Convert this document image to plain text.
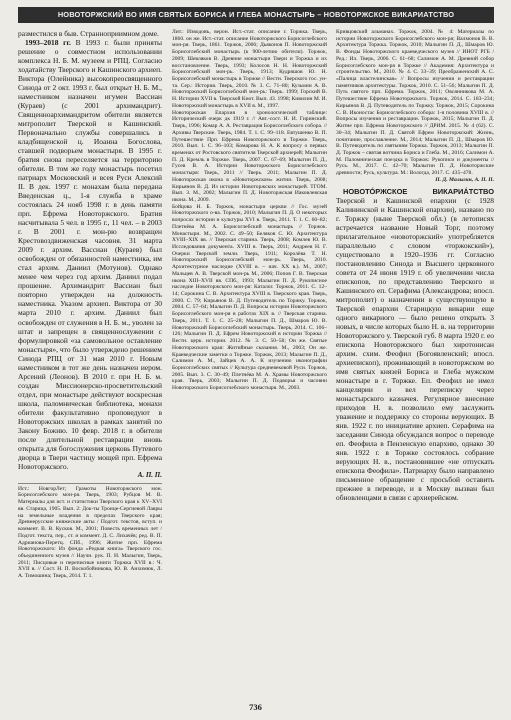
НОВОТОРЖСКИЙ ВО ИМЯ СВЯТЫХ БОРИСА И ГЛЕБА МОНАСТЫРЬ – НОВОТОРЖСКОЕ ВИКАРИАТСТВО

разместился в быв. Странноприимном доме.

1993–2018 гг. В 1993 г. были приняты решение о совместном использовании комплекса Н. Б. М. музеем и РПЦ. Согласно ходатайству Тверского и Кашинского архиеп. Виктора (Олейника) высокопреосвященного Синода от 2 окт. 1993 г. был открыт Н. Б. М., наместником назначен игумен Вассиан (Кураев) (с 2001 архимандрит). Священноархимандритом обители является митрополит Тверской и Кашинский. Первоначально службы совершались в кладбищенской ц. Иоанна Богослова, ставшей подворьем монастыря. В 1995 г. братия снова переселяется на территорию обители. В том же году монастырь посетил патриарх Московский и всея Руси Алексий II. В дек. 1997 г. монахам была передана Введенская ц., 1-я служба в храме состоялась 24 нояб 1998 г. в день памяти прп. Ефрема Новоторжского. Братия насчитывала 5 чел. в 1995 г., 11 чел. – в 2003 г. В 2001 г. мон-рю возвращен Крестовоздвиженская часовня. 31 марта 2009 г. архим. Вассиан (Кураев) был освобожден от обязанностей наместника, им стал архим. Даниил (Мотунов). Однако менее чем через год архим. Даниил подал прошение. Архимандрит Вассиан был повторно утвержден на должность наместника. Указом архиеп. Виктора от 30 марта 2010 г. архим. Даниил был освобожден от служения в Н. Б. м., уволен за штат и запрещен в священнослужении с формулировкой «за самовольное оставление монастыря», что было утверждено решением Синода РПЦ от 31 мая 2010 г. Новым наместником в тот же день назначен иером. Арсений (Леонов). В 2010 г. при Н. Б. м. создан Миссионерско-просветительский отдел, при монастыре действуют воскресная школа, паломническая библиотека, монахи обители факультативно проповедуют в Новоторжских школах в рамках занятий по Закону Божию. 10 февр. 2018 г. в обители после длительной реставрации вновь открыта для богослужения церковь Путевого дворца в Твери частицу мощей прп. Ефрема Новоторжского.

А. П. П.

Ист.: НовгорЛет; Грамоты Новоторжского мон. Борисоглебского мон-ря. Тверь, 1903; Рубцов М. В. Материалы для ист. и статистики Тверского края к XV–XVI вв. Старица, 1905. Вып. 2: Док-ты Троице-Сергиевой Лавры на земельные владения в пределах Тверского края; Древнерусские княжеские акты / Подгот. текстов, вступ. и коммент. В. В. Кусков. М., 2001; Повесть временных лет / Подгот. текста, пер., ст. и коммент. Д. С. Лихачёв; ред. В. П. Адрианова-Перетц. СПб., 1996; Житие прп. Ефрема Новоторжского: Из фонда «Редкая книга» Тверского гос. объединенного музея // Научн. рук. П. И. Малыгин, Тверь, 2011; Писцовые и переписные книги Торжка XVII в.: Ч. XVII в. // Сост. Н. П. Воскобойникова, Ю. В. Анхимюк, Л. А. Тимошина; Тверь, 2014. Т. 1.

Лит.: Изводовъ, верон. Ист.-стат. описание г. Торжка. Тверь, 1860. он же. Ист.-стат. описание Новоторжского Борисоглебского мон-ря. Тверь, 1861. Торжок, 2006; Дьяконов П. Новоторжский Борисоглебский монастырь (к 900-летию обители). Торжок, 2009; Шевляков В. Древние монастыри Твери и Торжка и их восстановление. Тверь, 1993; Колосов Н. Н. Новоторжский Борисоглебский мон-рь. Тверь, 1913; Кудряшов Ю. Н. Борисоглебский монастырь в Торжке // Вестн. Тверского гос. ун-та. Сер.: История. Тверь, 2010. № 3. С. 71–80; Кузьмин А. В. Новоторжский Борисоглебский мон-рь: Тверь. 1999; Горский В. Н. Истории XVII в. Тверской Кнот. Вып. 43. 1998; Кивилин М. И. Новоторжский монастырь в XVII в. М., 1997.

Новоторжская Епархия в хронологической таблице: Исторический очерк дк 1919 г. // Авт.-сост. Н. И. Гиринский. Тверь, 1996; Комар А. А. Реставрация Борисоглебского собора. // Архивы Тверские. Тверь, 1984. Т. 1. С. 99–118. Евтушенко В. П. Путешествие Прп. Ефрема Новоторжского в Торжке. Тверь, 2010. Вып. 1. С. 96–103; Комарова Н. А. К вопросу о первых временах от Ростовского святителя Тверской архиерей; Малыгин П. Д. Кремль в Торжке. Тверь, 2007. С. 67–69; Малыгин П. Д., Гусев В. А. Истории Новоторжского Борисоглебского монастыря: Тверь, 2011 // Тверь. 2011; Малыгин П. Д. Новоторжская икона в «Новоторжском» житии. Тверь, 2008; Кирьянов В. Д. Из истории Новоторжских монастырей. ТГОМ. Вып. 3. М., 2002; Малыгин П. Д. Новоторжская Иаковлевская икона. М., 2009.

Бойцова Н. Б. Торжок, монастыри церкви // Гос. музей Новоторжского о-ва. Торжок, 2010; Малыгин П. Д. О некоторых вопросах истории и культуры XVI в. Тверь, 2011. Т. 1. С. 60–82; Плетнёва М. А. Борисоглебский монастырь // Торжок. Монастыри. М., 2002. С. 49–50; Беляков С. Ю. Архитектура XVIII–XIX вв. // Тверская старина. Тверь, 2008; Комлев Ю. В. Исследования документа. XVIII в. Тверь, 2011; Андреев Н. Г. Очерки Тверской земли. Тверь, 1911; Королёва Т. Н. Новоторжский Борисоглебский мон-рь. Тверь, 2010. Архитектурное наследие (XVIII в. – нач. XX в.). М., 2007; Мальцев А. В. Тверской мон-рь М., 2006; Попов Г. В. Тверская икона XIII–XVII вв. СПб., 1993; Малыгин П. Д. Рукописное наследие Новоторжского мон-ря: Каталог. Торжок, 2011. С. 12–14; Сорокина С. В. Архитектура XVIII в. Тверского края. Тверь, 2000. С. 79; Кирьянов В. Д. Путеводитель по Торжку. Торжок, 2004. С. 57–64; Малыгин П. Д. Вопросы истории Новоторжского Борисоглебского мон-ря в работах XIX в. // Тверская старина. Тверь, 2011. Т. 1. С. 25–28; Малыгин П. Д., Шмаров Ю. В. Новоторжский Борисоглебский монастырь. Тверь, 2014. С. 106–126; Малыгин П. Д. Ефрем Новоторжский в истории Торжка // Вестн. церк. истории. 2012. № 3. С. 50–58; Он же. Святые Новоторжского края: Житийные сказания. М., 2003; Он же. Краеведческие заметки о Торжке. Торжок, 2013; Малыгин П. Д., Салимон А. М., Зайцев А. А. К изучению иконографии Борисоглебских святых // Культура средневековой Руси. Торжок, 2005. Вып. 3. С. 30–49; Плетнёва М. А. Храмы Новоторжского края. Тверь, 2003; Малыгин П. Д. Подворья и часовни Новоторжского Борисоглебского монастыря. М., 2003.

Кривцовский альманах. Торжок, 2004. № 4: Материалы по истории Новоторжского Борисоглебского мон-ря; Валмонов В. В. Архитектура Торжка. Торжок, 2010; Малыгин П. Д., Шмаров Ю. В. Фонды Новоторжского краеведческого музея // ИНОТ РГБ / Ред.: Ил. Тверь, 2006. С. 61–68; Салимон А. М. Древний собор Борисоглебского мон-ря в Торжке // Академия: Архитектура и строительство. М., 2010. № 4. С. 33–39; Преображенский А. С. «Палица властелинская» // Вопросы изучения и реставрации памятников архитектуры. Торжок, 2010. С. 51–56; Малыгин П. Д. Путь святого прп. Ефрема. Торжок, 2011; Овсянникова М. А. Путешествие Ефрема Новоторжского. Торжок, 2014. С. 183–234; Кирьянов В. Д. Путеводитель по Торжку. Торжок, 2015; Сорокина С. В. Иконостас Борисоглебского собора: 1-я половина XVIII в. // Вопросы изучения и реставрации. Торжок, 2015; Малыгин П. Д. Житие прп. Ефрема Новоторжского // ДРИМ. 2015. № 4 (62). С. 30–34; Малыгин П. Д. Святой Ефрем Новоторжский: Жизнь, почитание, прославление. М., 2014; Малыгин П. Д., Шмаров Ю. В. Путеводитель по святыням Торжка. Торжок, 2013; Малыгин П. Д. Торжок – святая вотчина Бориса и Глеба. М., 2016; Салимон А. М. Паломническая поездка в Торжок: Рукописи и документы // Русь. М., 2017. С. 42–70; Малыгин П. Д. Новоторжские древности; Русь, культура. М.: Вологда, 2017. С. 435–478.

П. Д. Малыгин, А. П. П.

НОВОТО́РЖСКОЕ ВИКАРИА́ТСТВО Тверской и Кашинской епархии (с 1928 Калининской и Кашинской епархии), названо по г. Торжку (ныне Тверской обл.) (в летописях встречается название Новый Торг, поэтому прилагательное «новоторжский» употребляется параллельно с словом «торжокский»), существовало в 1920–1936 гг. Согласно постановлению Синода и Высшего церковного совета от 24 июня 1919 г. об увеличении числа епископов, по представлению Тверского и Кашинского еп. Серафима (Александрова; впосл. митрополит) о назначении в существующую в Тверской епархии Старицкую викарии еще одного викарного — было решено открыть 3 новых, в числе которых было Н. в. на территории Новоторжского у. Тверской губ. 8 марта 1920 г. ео епископа Новоторжского был хиротонисан архим. схим. Феофил (Богоявленский; впосл. архиепископ), проживающий в новоторжском во имя святых князей Бориса и Глеба мужском монастыре в г. Торжке. Еп. Феофил не имел канцелярии и вел переписку через монастырского казначея. Регулярное внесение приходов Н. в. позволило ему заслужить уважение и поддержку со стороны верующих. В янв. 1922 г. по инициативе архиеп. Серафима на заседании Синода обсуждался вопрос о переводе еп. Феофила в Пензенскую епархию, однако 30 янв. 1922 г. в Торжке состоялось собрание верующих Н. в., постановившее «не отпускать епископа Феофила». Патриарху было направлено письменное обращение с просьбой оставить прежнее в переводе, и в Москву вызван был обновленцами в связи с архиерейском.

736
